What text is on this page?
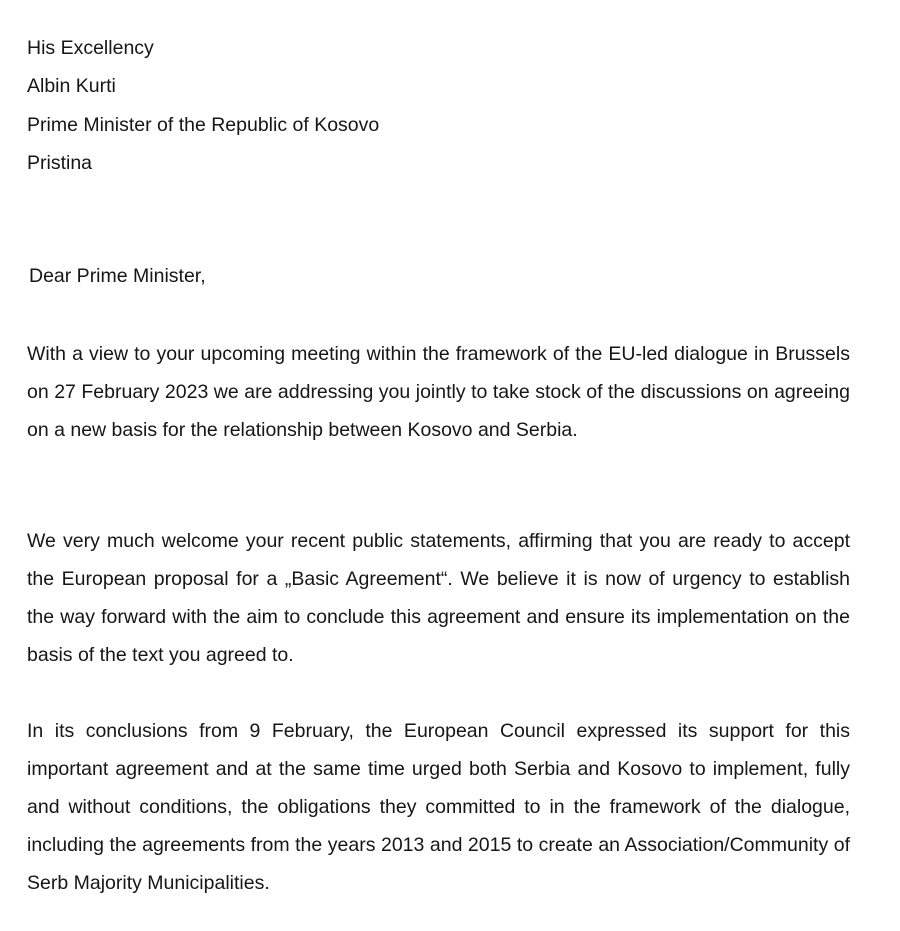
His Excellency
Albin Kurti
Prime Minister of the Republic of Kosovo
Pristina
Dear Prime Minister,

With a view to your upcoming meeting within the framework of the EU-led dialogue in Brussels on 27 February 2023 we are addressing you jointly to take stock of the discussions on agreeing on a new basis for the relationship between Kosovo and Serbia.

We very much welcome your recent public statements, affirming that you are ready to accept the European proposal for a „Basic Agreement“. We believe it is now of urgency to establish the way forward with the aim to conclude this agreement and ensure its implementation on the basis of the text you agreed to.

In its conclusions from 9 February, the European Council expressed its support for this important agreement and at the same time urged both Serbia and Kosovo to implement, fully and without conditions, the obligations they committed to in the framework of the dialogue, including the agreements from the years 2013 and 2015 to create an Association/Community of Serb Majority Municipalities.
